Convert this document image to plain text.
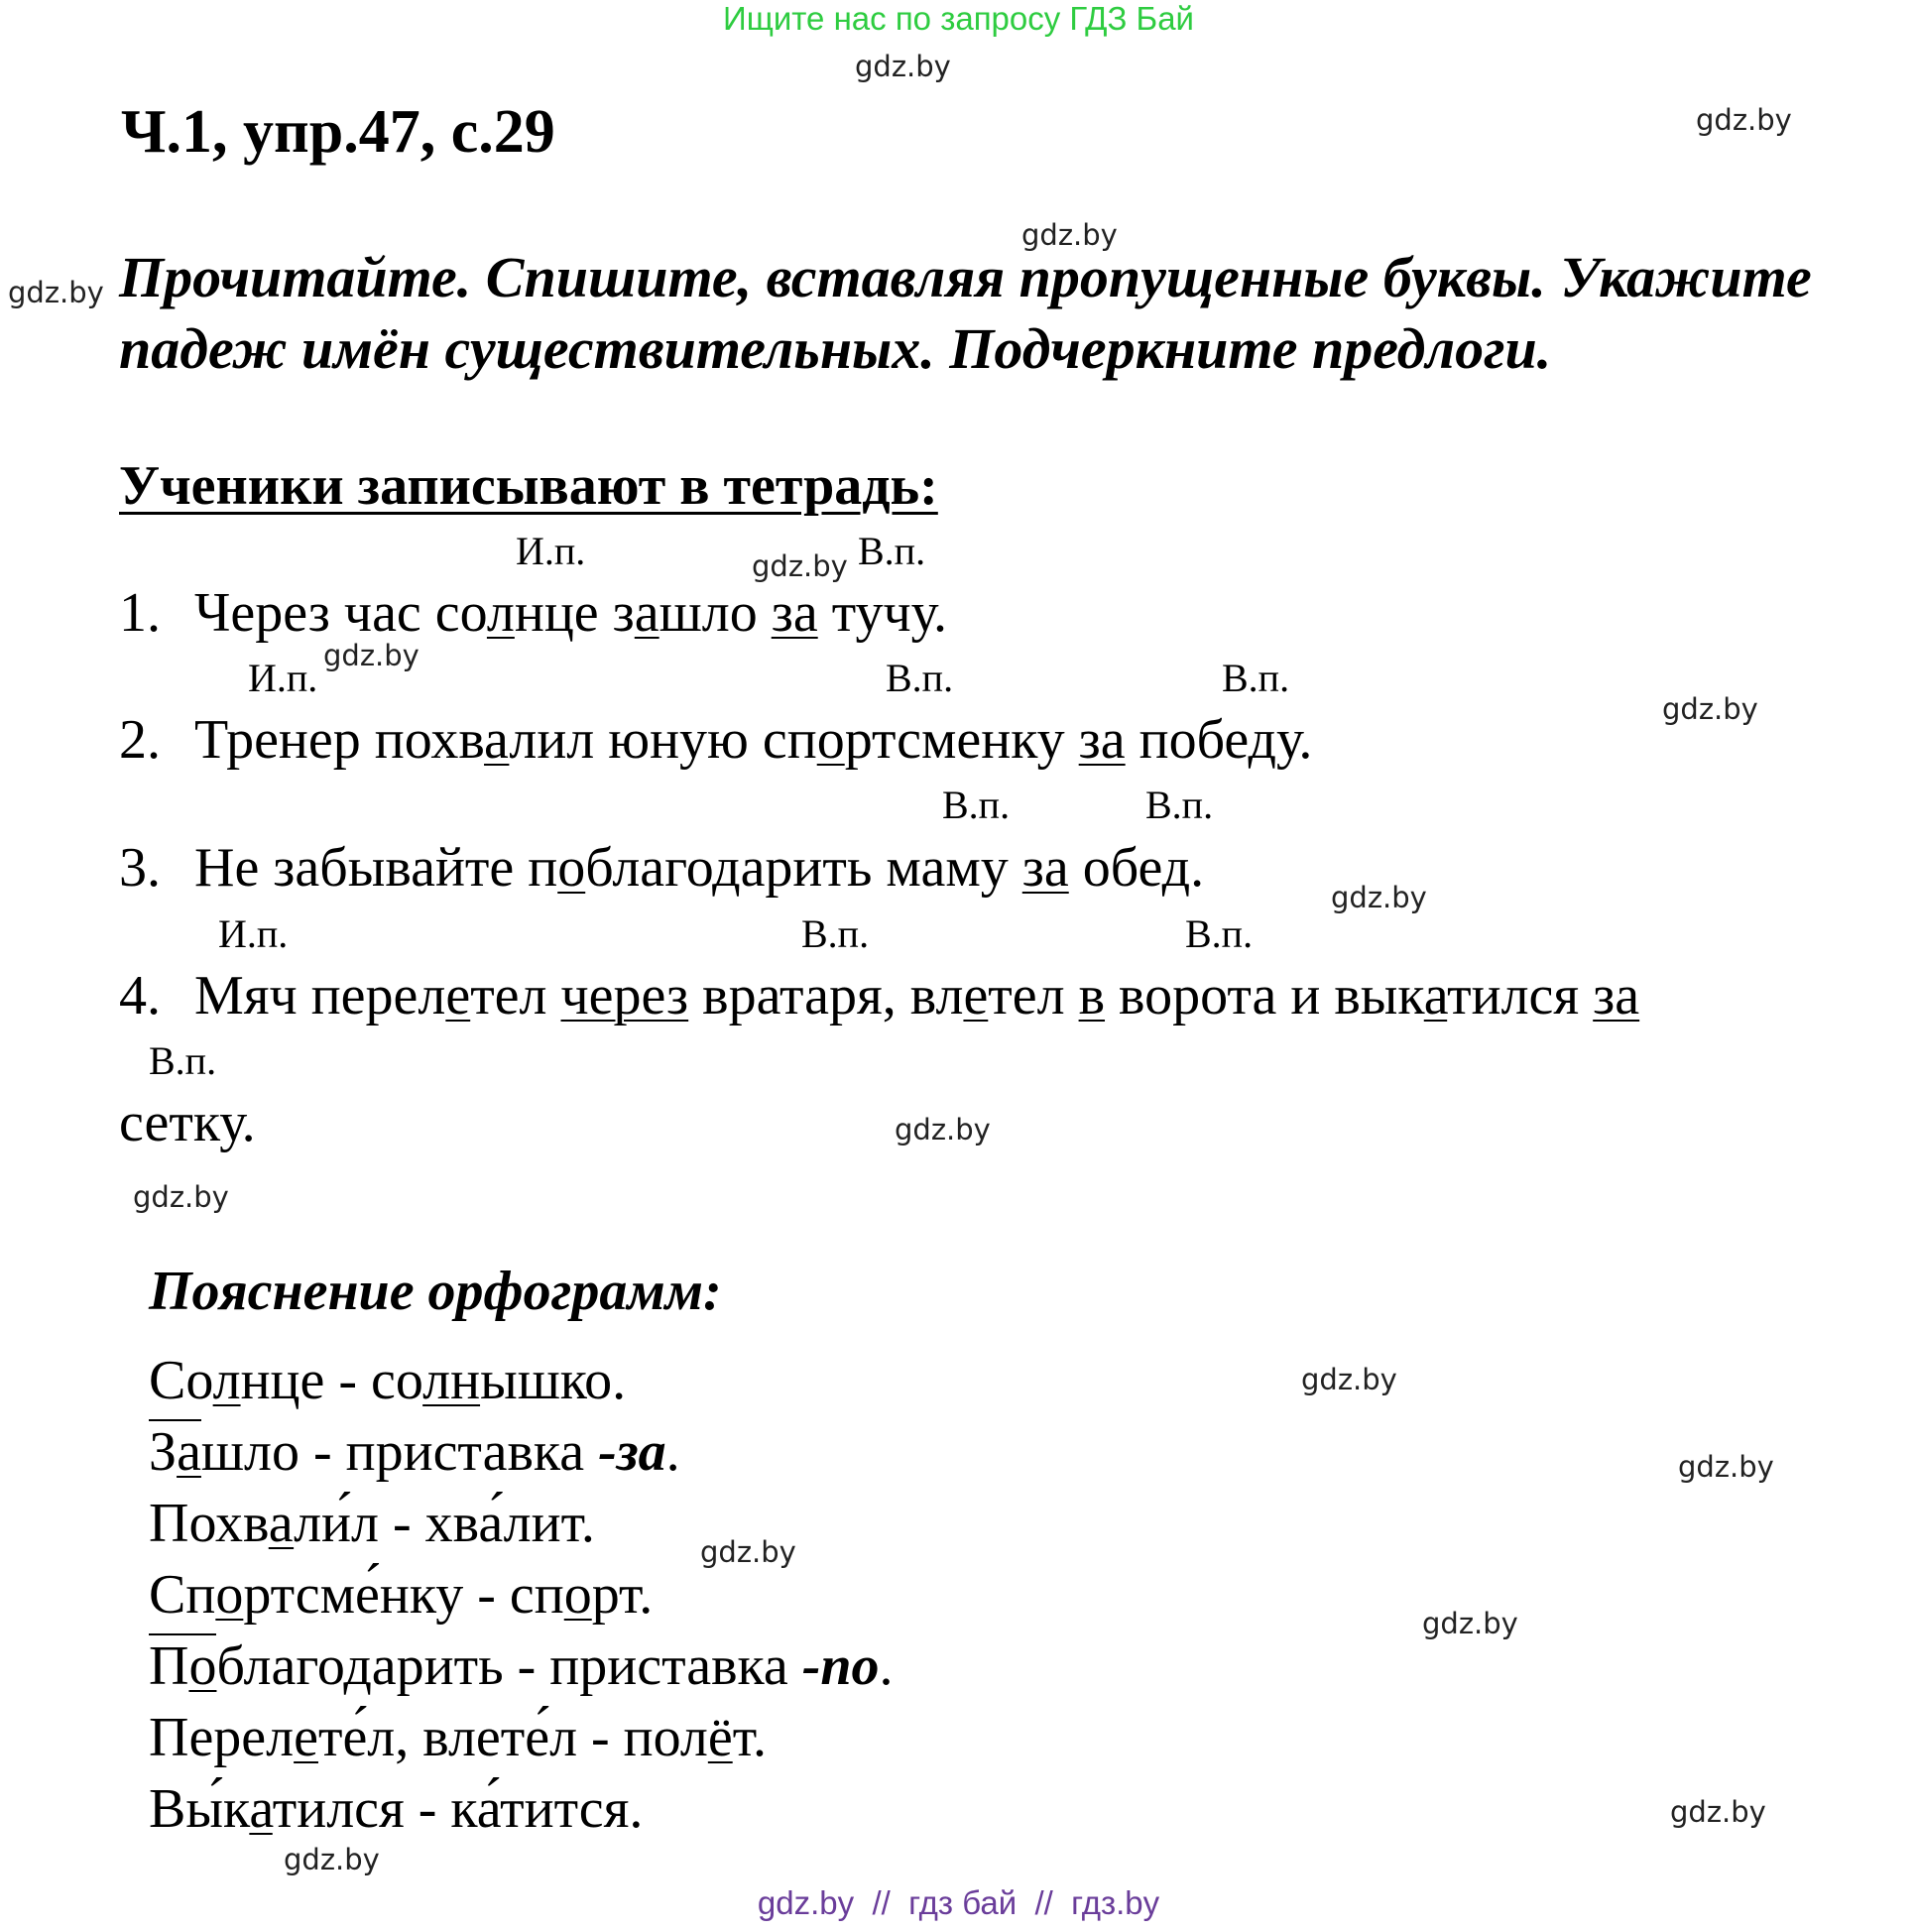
Ищите нас по запросу ГДЗ Бай
Ч.1, упр.47, с.29
Прочитайте. Спишите, вставляя пропущенные буквы. Укажите
падеж имён существительных. Подчеркните предлоги.
Ученики записывают в тетрадь:
И.п.	В.п.
1. Через час солнце зашло за тучу.
И.п.	В.п.	В.п.
2. Тренер похвалил юную спортсменку за победу.
В.п.	В.п.
3. Не забывайте поблагодарить маму за обед.
И.п.	В.п.	В.п.
4. Мяч перелетел через вратаря, влетел в ворота и выкатился за
В.п.
сетку.
Пояснение орфограмм:
Солнце - солнышко.
Зашло - приставка -за.
Похвали́л - хва́лит.
Спортсме́нку - спорт.
Поблагодарить - приставка -по.
Перелете́л, влете́л - полёт.
Вы́катился - ка́тится.
gdz.by
gdz.by
gdz.by
gdz.by
gdz.by
gdz.by
gdz.by
gdz.by
gdz.by
gdz.by
gdz.by
gdz.by
gdz.by
gdz.by
gdz.by
gdz.by
gdz.by  //  гдз бай  //  гдз.by
